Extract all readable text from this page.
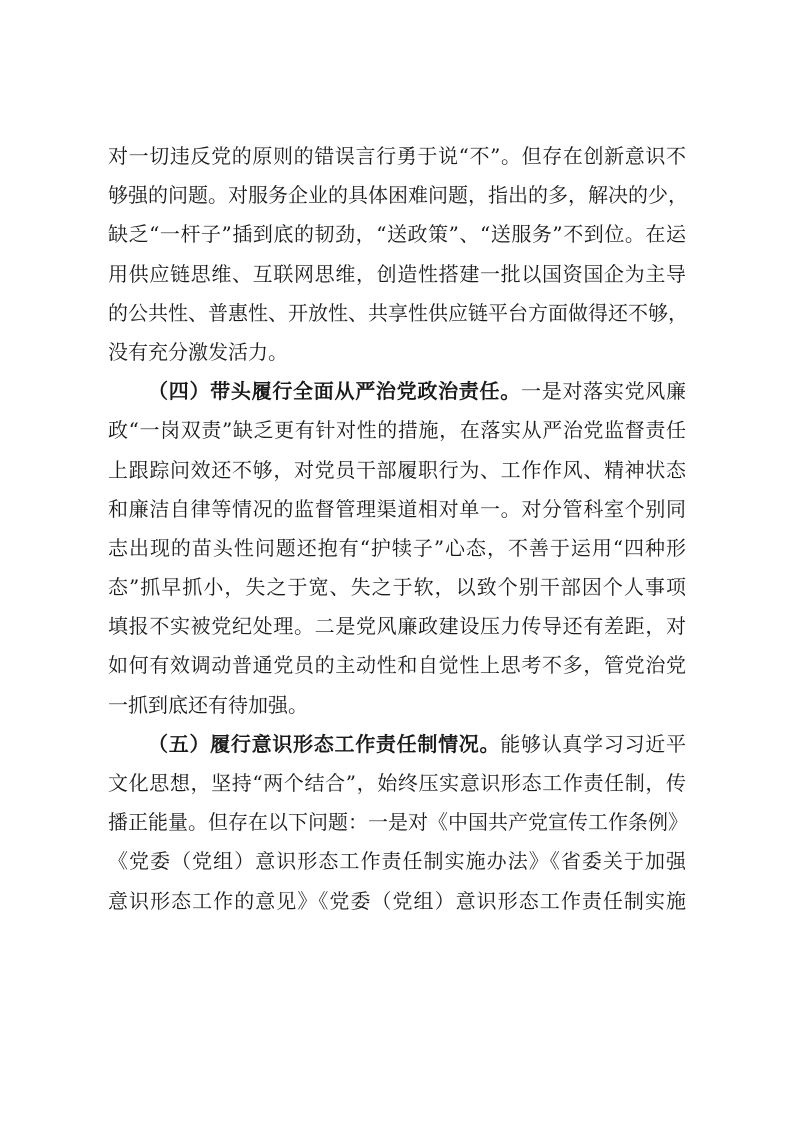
对一切违反党的原则的错误言行勇于说“不”。但存在创新意识不
够强的问题。对服务企业的具体困难问题，指出的多，解决的少，
缺乏“一杆子”插到底的韧劲，“送政策”、“送服务”不到位。在运
用供应链思维、互联网思维，创造性搭建一批以国资国企为主导
的公共性、普惠性、开放性、共享性供应链平台方面做得还不够，
没有充分激发活力。
（四）带头履行全面从严治党政治责任。一是对落实党风廉
政“一岗双责”缺乏更有针对性的措施，在落实从严治党监督责任
上跟踪问效还不够，对党员干部履职行为、工作作风、精神状态
和廉洁自律等情况的监督管理渠道相对单一。对分管科室个别同
志出现的苗头性问题还抱有“护犊子”心态，不善于运用“四种形
态”抓早抓小，失之于宽、失之于软，以致个别干部因个人事项
填报不实被党纪处理。二是党风廉政建设压力传导还有差距，对
如何有效调动普通党员的主动性和自觉性上思考不多，管党治党
一抓到底还有待加强。
（五）履行意识形态工作责任制情况。能够认真学习习近平
文化思想，坚持“两个结合”，始终压实意识形态工作责任制，传
播正能量。但存在以下问题：一是对《中国共产党宣传工作条例》
《党委（党组）意识形态工作责任制实施办法》《省委关于加强
意识形态工作的意见》《党委（党组）意识形态工作责任制实施
